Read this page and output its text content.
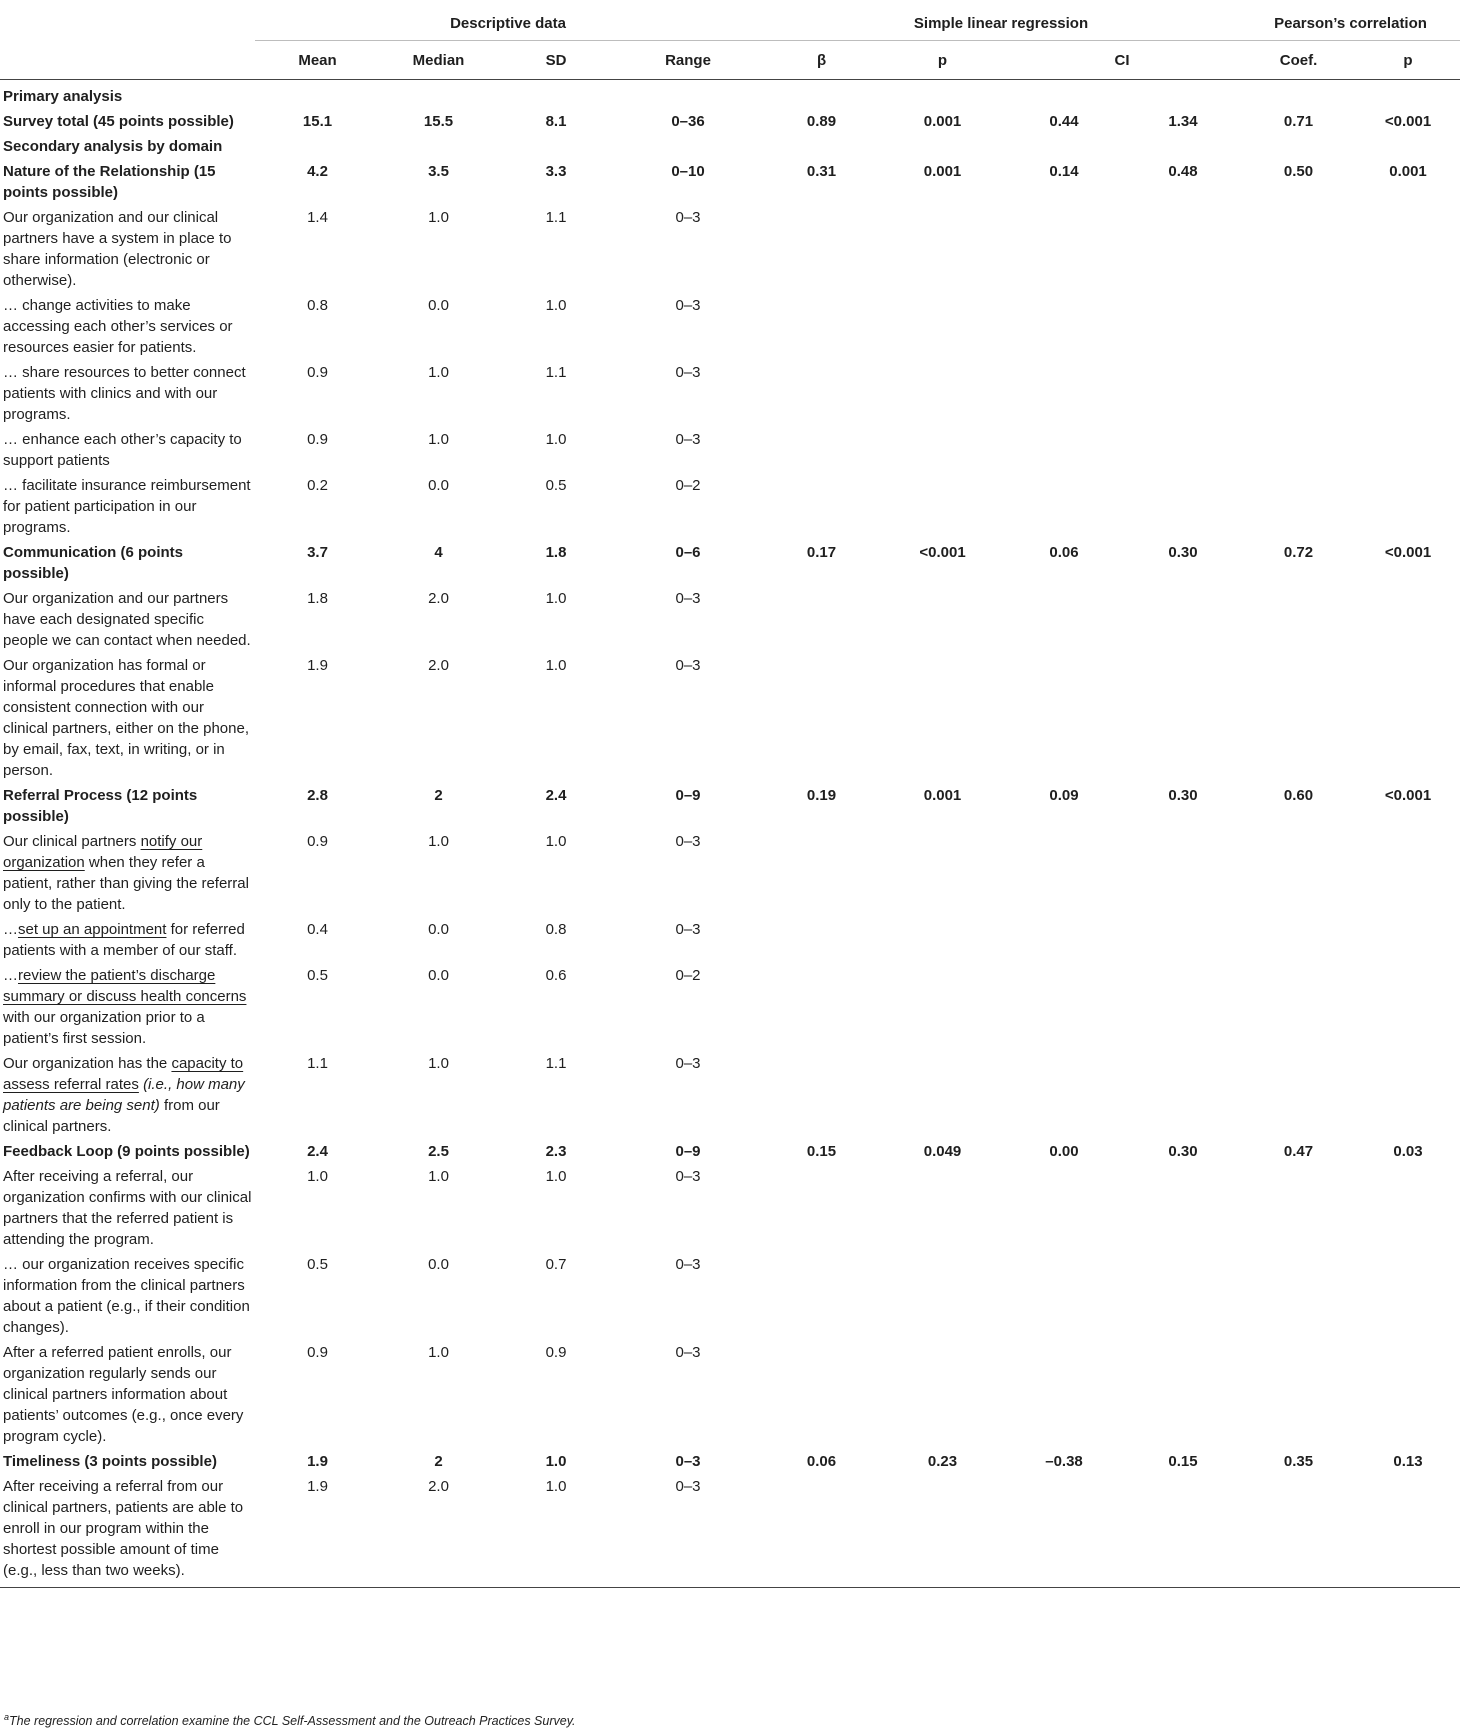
	Descriptive data				Simple linear regression				Pearson’s correlation	
	Mean	Median	SD	Range	β	p	CI		Coef.	p

Primary analysis										
Survey total (45 points possible)	15.1	15.5	8.1	0–36	0.89	0.001	0.44	1.34	0.71	<0.001
Secondary analysis by domain										
Nature of the Relationship (15 points possible)	4.2	3.5	3.3	0–10	0.31	0.001	0.14	0.48	0.50	0.001
Our organization and our clinical partners have a system in place to share information (electronic or otherwise).	1.4	1.0	1.1	0–3						
… change activities to make accessing each other’s services or resources easier for patients.	0.8	0.0	1.0	0–3						
… share resources to better connect patients with clinics and with our programs.	0.9	1.0	1.1	0–3						
… enhance each other’s capacity to support patients	0.9	1.0	1.0	0–3						
… facilitate insurance reimbursement for patient participation in our programs.	0.2	0.0	0.5	0–2						
Communication (6 points possible)	3.7	4	1.8	0–6	0.17	<0.001	0.06	0.30	0.72	<0.001
Our organization and our partners have each designated specific people we can contact when needed.	1.8	2.0	1.0	0–3						
Our organization has formal or informal procedures that enable consistent connection with our clinical partners, either on the phone, by email, fax, text, in writing, or in person.	1.9	2.0	1.0	0–3						
Referral Process (12 points possible)	2.8	2	2.4	0–9	0.19	0.001	0.09	0.30	0.60	<0.001
Our clinical partners notify our organization when they refer a patient, rather than giving the referral only to the patient.	0.9	1.0	1.0	0–3						
…set up an appointment for referred patients with a member of our staff.	0.4	0.0	0.8	0–3						
…review the patient’s discharge summary or discuss health concerns with our organization prior to a patient’s first session.	0.5	0.0	0.6	0–2						
Our organization has the capacity to assess referral rates (i.e., how many patients are being sent) from our clinical partners.	1.1	1.0	1.1	0–3						
Feedback Loop (9 points possible)	2.4	2.5	2.3	0–9	0.15	0.049	0.00	0.30	0.47	0.03
After receiving a referral, our organization confirms with our clinical partners that the referred patient is attending the program.	1.0	1.0	1.0	0–3						
… our organization receives specific information from the clinical partners about a patient (e.g., if their condition changes).	0.5	0.0	0.7	0–3						
After a referred patient enrolls, our organization regularly sends our clinical partners information about patients’ outcomes (e.g., once every program cycle).	0.9	1.0	0.9	0–3						
Timeliness (3 points possible)	1.9	2	1.0	0–3	0.06	0.23	–0.38	0.15	0.35	0.13
After receiving a referral from our clinical partners, patients are able to enroll in our program within the shortest possible amount of time (e.g., less than two weeks).	1.9	2.0	1.0	0–3						
$^a$The regression and correlation examine the CCL Self-Assessment and the Outreach Practices Survey.
